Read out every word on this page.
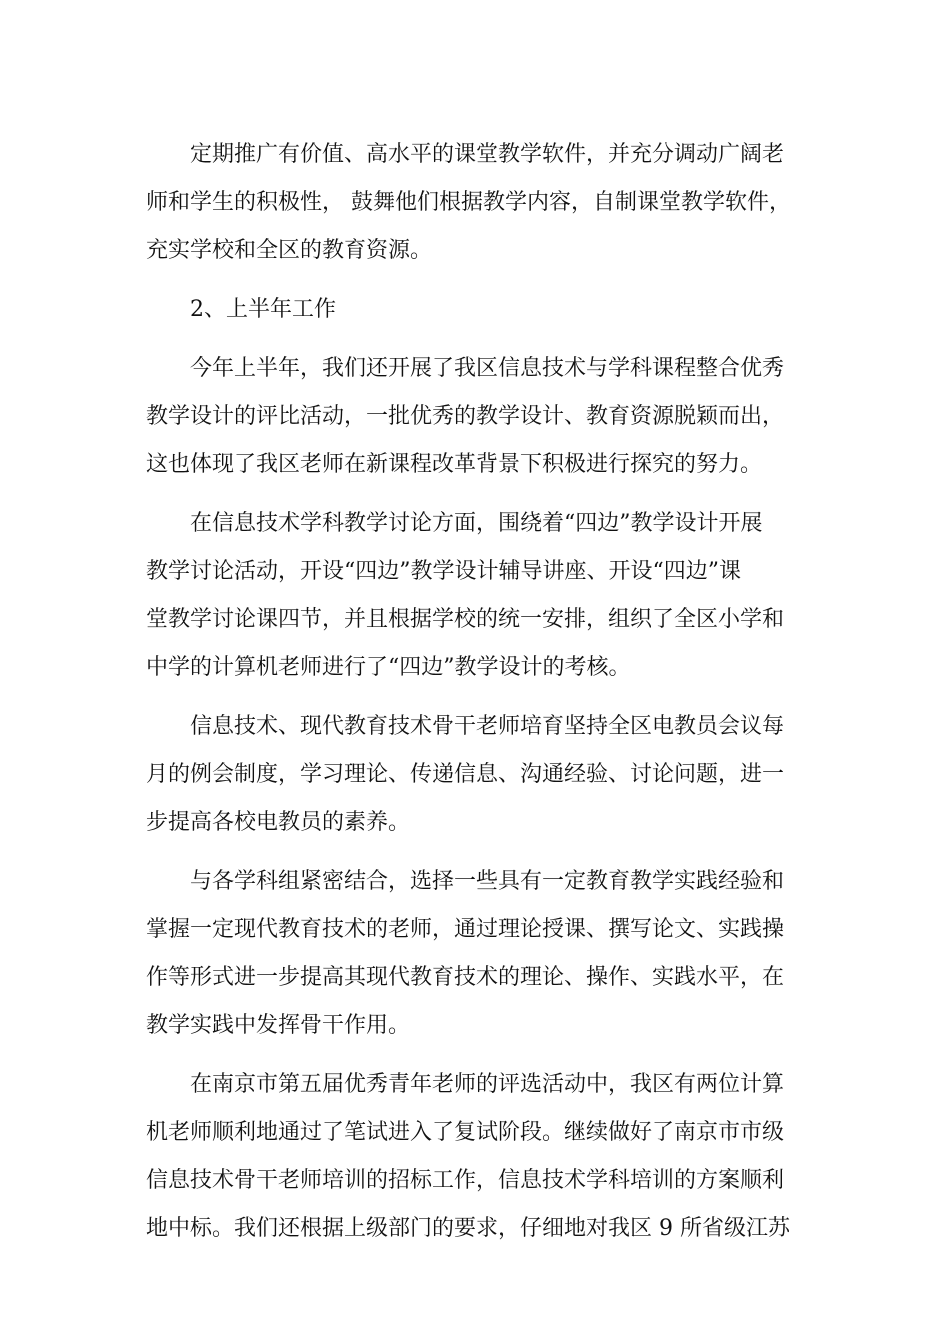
定期推广有价值、高水平的课堂教学软件，并充分调动广阔老
师和学生的积极性， 鼓舞他们根据教学内容，自制课堂教学软件，
充实学校和全区的教育资源。
2、上半年工作
今年上半年，我们还开展了我区信息技术与学科课程整合优秀
教学设计的评比活动，一批优秀的教学设计、教育资源脱颖而出，
这也体现了我区老师在新课程改革背景下积极进行探究的努力。
在信息技术学科教学讨论方面，围绕着“四边”教学设计开展
教学讨论活动，开设“四边”教学设计辅导讲座、开设“四边”课
堂教学讨论课四节，并且根据学校的统一安排，组织了全区小学和
中学的计算机老师进行了“四边”教学设计的考核。
信息技术、现代教育技术骨干老师培育坚持全区电教员会议每
月的例会制度，学习理论、传递信息、沟通经验、讨论问题，进一
步提高各校电教员的素养。
与各学科组紧密结合，选择一些具有一定教育教学实践经验和
掌握一定现代教育技术的老师，通过理论授课、撰写论文、实践操
作等形式进一步提高其现代教育技术的理论、操作、实践水平，在
教学实践中发挥骨干作用。
在南京市第五届优秀青年老师的评选活动中，我区有两位计算
机老师顺利地通过了笔试进入了复试阶段。继续做好了南京市市级
信息技术骨干老师培训的招标工作，信息技术学科培训的方案顺利
地中标。我们还根据上级部门的要求，仔细地对我区 9 所省级江苏
